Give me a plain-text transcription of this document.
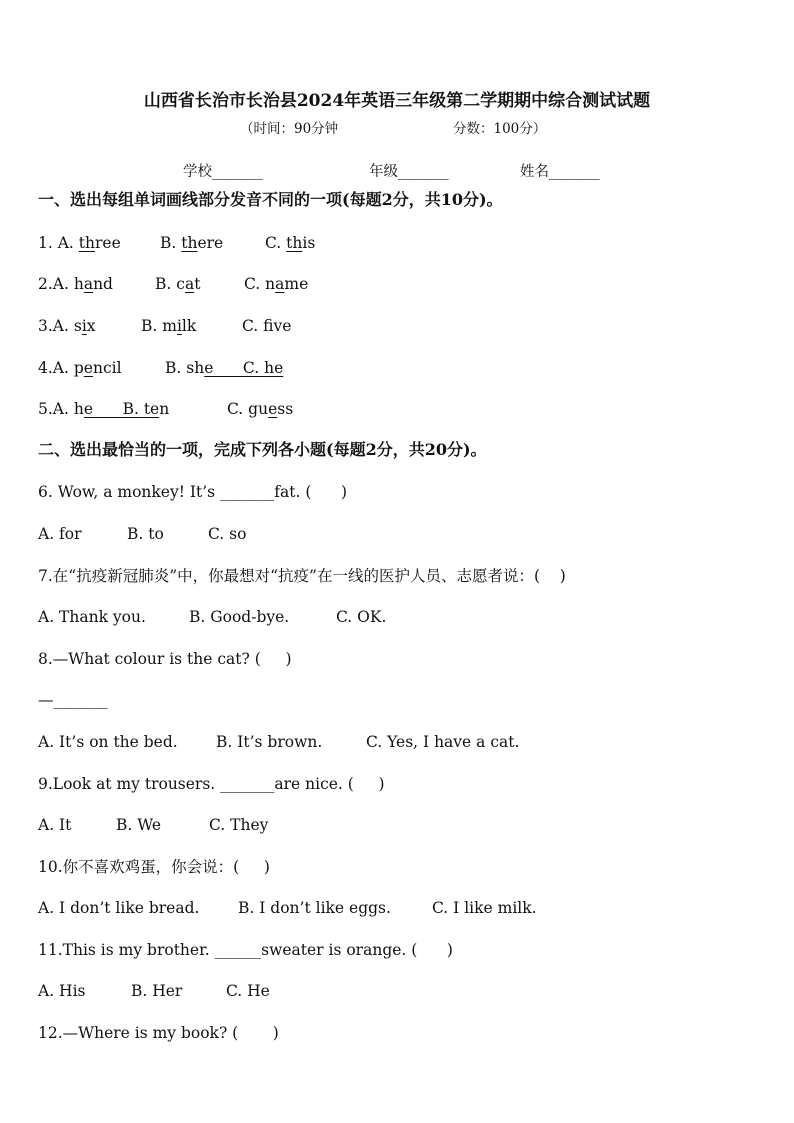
山西省长治市长治县2024年英语三年级第二学期期中综合测试试题
（时间：90分钟	分数：100分）
学校_______	年级_______	姓名_______
一、选出每组单词画线部分发音不同的一项(每题2分，共10分)。
1. A. three	B. there	C. this
2.A. hand	B. cat	C. name
3.A. six	B. milk	C. fve
4.A. pencil	B. she      C. he
5.A. he      B. ten	C. guess
二、选出最恰当的一项，完成下列各小题(每题2分，共20分)。
6. Wow, a monkey! It’s _______fat. (      )
A. for	B. to	C. so
7.在“抗疫新冠肺炎”中，你最想对“抗疫”在一线的医护人员、志愿者说：(    )
A. Thank you.	B. Good-bye.	C. OK.
8.—What colour is the cat? (     )
—_______
A. It’s on the bed. B. It’s brown.	C. Yes, I have a cat.
9.Look at my trousers. _______are nice. (     )
A. It	B. We	C. They
10.你不喜欢鸡蛋，你会说：(     )
A. I don’t like bread. B. I don’t like eggs.	C. I like milk.
11.This is my brother. ______sweater is orange. (      )
A. His	B. Her	C. He
12.—Where is my book? (       )
